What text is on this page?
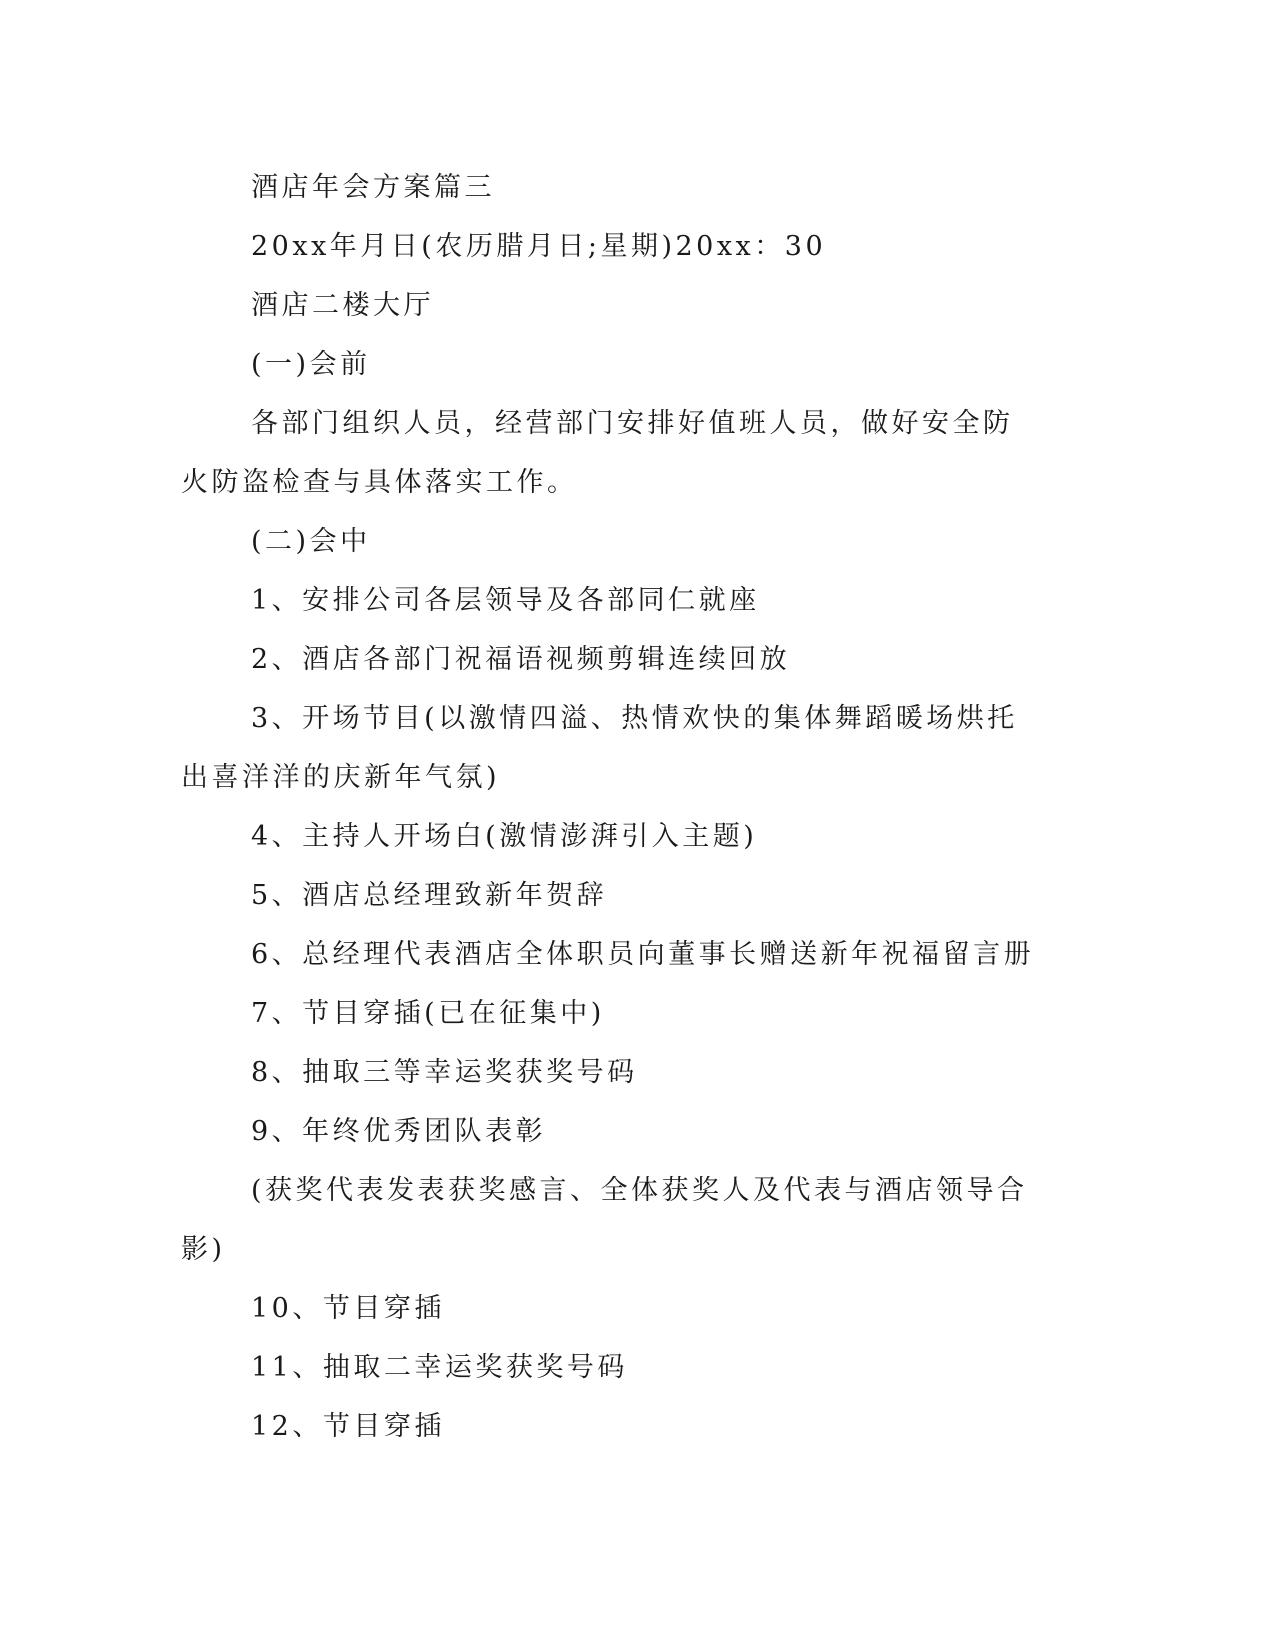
酒店年会方案篇三

20xx年月日(农历腊月日;星期)20xx：30

酒店二楼大厅

(一)会前

各部门组织人员，经营部门安排好值班人员，做好安全防火防盗检查与具体落实工作。

(二)会中

1、安排公司各层领导及各部同仁就座

2、酒店各部门祝福语视频剪辑连续回放

3、开场节目(以激情四溢、热情欢快的集体舞蹈暖场烘托出喜洋洋的庆新年气氛)

4、主持人开场白(激情澎湃引入主题)

5、酒店总经理致新年贺辞

6、总经理代表酒店全体职员向董事长赠送新年祝福留言册

7、节目穿插(已在征集中)

8、抽取三等幸运奖获奖号码

9、年终优秀团队表彰

(获奖代表发表获奖感言、全体获奖人及代表与酒店领导合影)

10、节目穿插

11、抽取二幸运奖获奖号码

12、节目穿插
